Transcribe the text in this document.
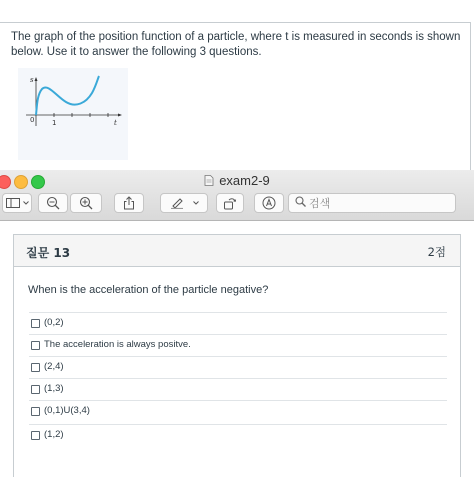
The graph of the position function of a particle, where t is measured in seconds is shown below. Use it to answer the following 3 questions.
s
t
0	1
exam2-9
검색
질문 13	2점
When is the acceleration of the particle negative?
(0,2)
The acceleration is always positve.
(2,4)
(1,3)
(0,1)U(3,4)
(1,2)
